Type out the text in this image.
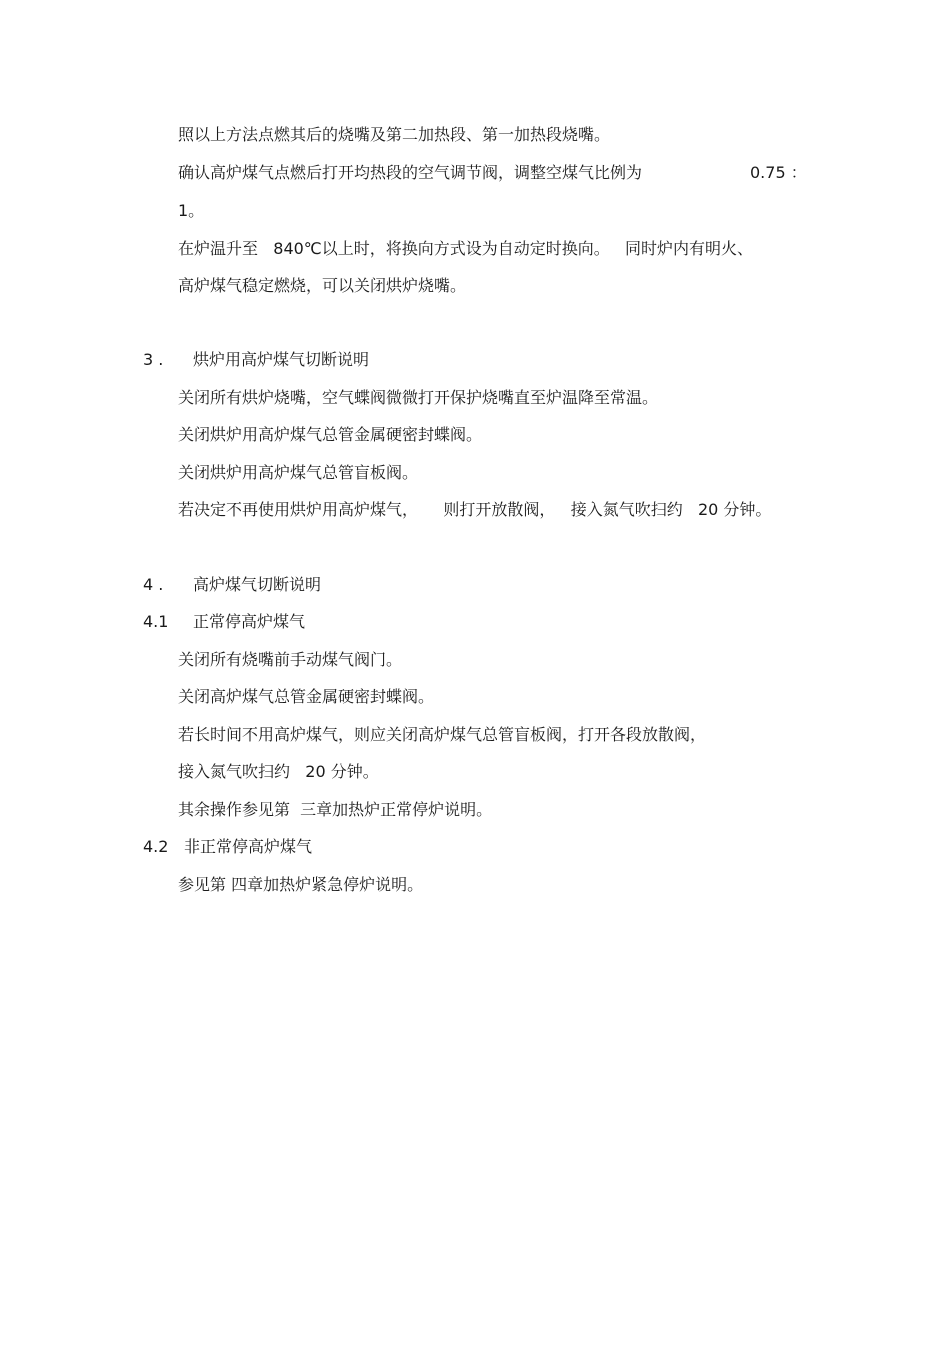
照以上方法点燃其后的烧嘴及第二加热段、第一加热段烧嘴。
确认高炉煤气点燃后打开均热段的空气调节阀，调整空煤气比例为	0.75 ：
1。
在炉温升至   840℃以上时，将换向方式设为自动定时换向。   同时炉内有明火、
高炉煤气稳定燃烧，可以关闭烘炉烧嘴。
3 . 烘炉用高炉煤气切断说明
关闭所有烘炉烧嘴，空气蝶阀微微打开保护烧嘴直至炉温降至常温。
关闭烘炉用高炉煤气总管金属硬密封蝶阀。
关闭烘炉用高炉煤气总管盲板阀。
若决定不再使用烘炉用高炉煤气，     则打开放散阀，   接入氮气吹扫约   20 分钟。
4 . 高炉煤气切断说明
4.1 正常停高炉煤气
关闭所有烧嘴前手动煤气阀门。
关闭高炉煤气总管金属硬密封蝶阀。
若长时间不用高炉煤气，则应关闭高炉煤气总管盲板阀，打开各段放散阀，
接入氮气吹扫约   20 分钟。
其余操作参见第  三章加热炉正常停炉说明。
4.2 非正常停高炉煤气
参见第 四章加热炉紧急停炉说明。
